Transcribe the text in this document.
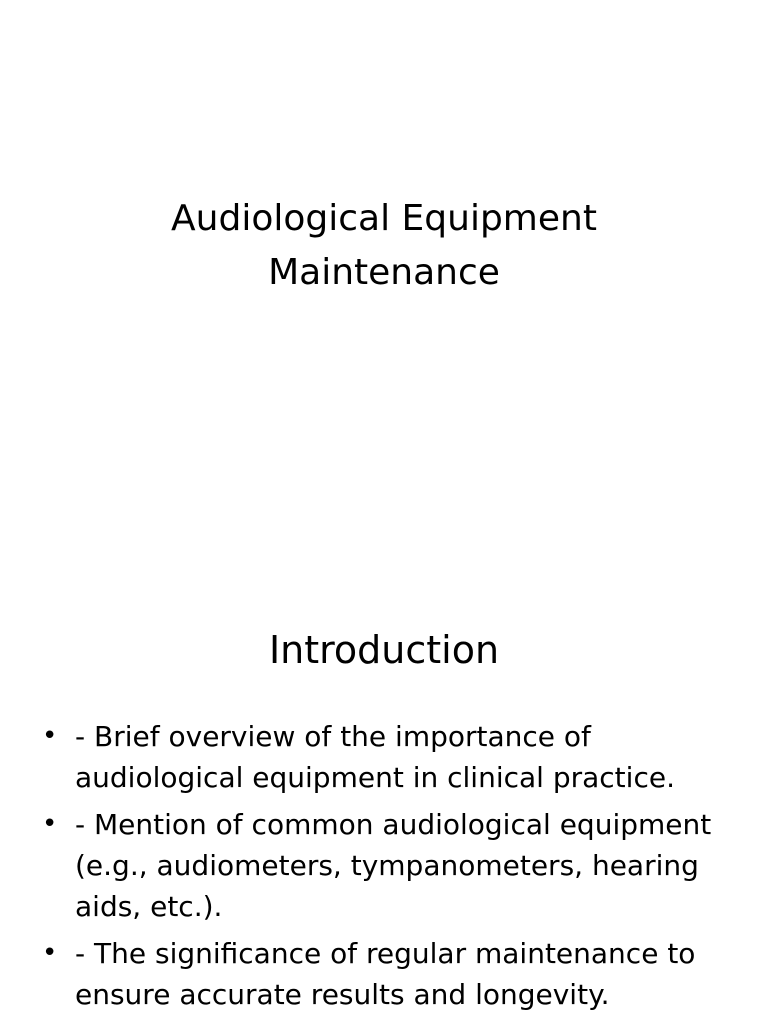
Audiological Equipment
Maintenance
Introduction
• - Brief overview of the importance of audiological equipment in clinical practice.
• - Mention of common audiological equipment (e.g., audiometers, tympanometers, hearing aids, etc.).
• - The significance of regular maintenance to ensure accurate results and longevity.
